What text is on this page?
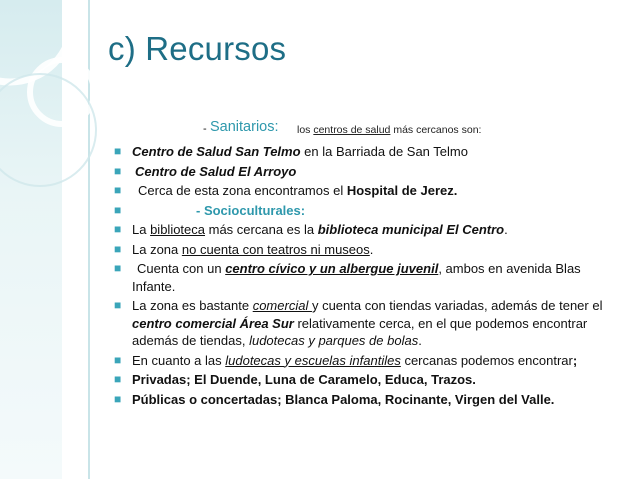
c) Recursos
- Sanitarios: los centros de salud más cercanos son:
■ Centro de Salud San Telmo en la Barriada de San Telmo
■ Centro de Salud El Arroyo
■ Cerca de esta zona encontramos el Hospital de Jerez.
■	- Socioculturales:
■ La biblioteca más cercana es la biblioteca municipal El Centro.
■ La zona no cuenta con teatros ni museos.
■ Cuenta con un centro cívico y un albergue juvenil, ambos en avenida Blas Infante.
■ La zona es bastante comercial y cuenta con tiendas variadas, además de tener el centro comercial Área Sur relativamente cerca, en el que podemos encontrar además de tiendas, ludotecas y parques de bolas.
■ En cuanto a las ludotecas y escuelas infantiles cercanas podemos encontrar;
■ Privadas; El Duende, Luna de Caramelo, Educa, Trazos.
■ Públicas o concertadas; Blanca Paloma, Rocinante, Virgen del Valle.
